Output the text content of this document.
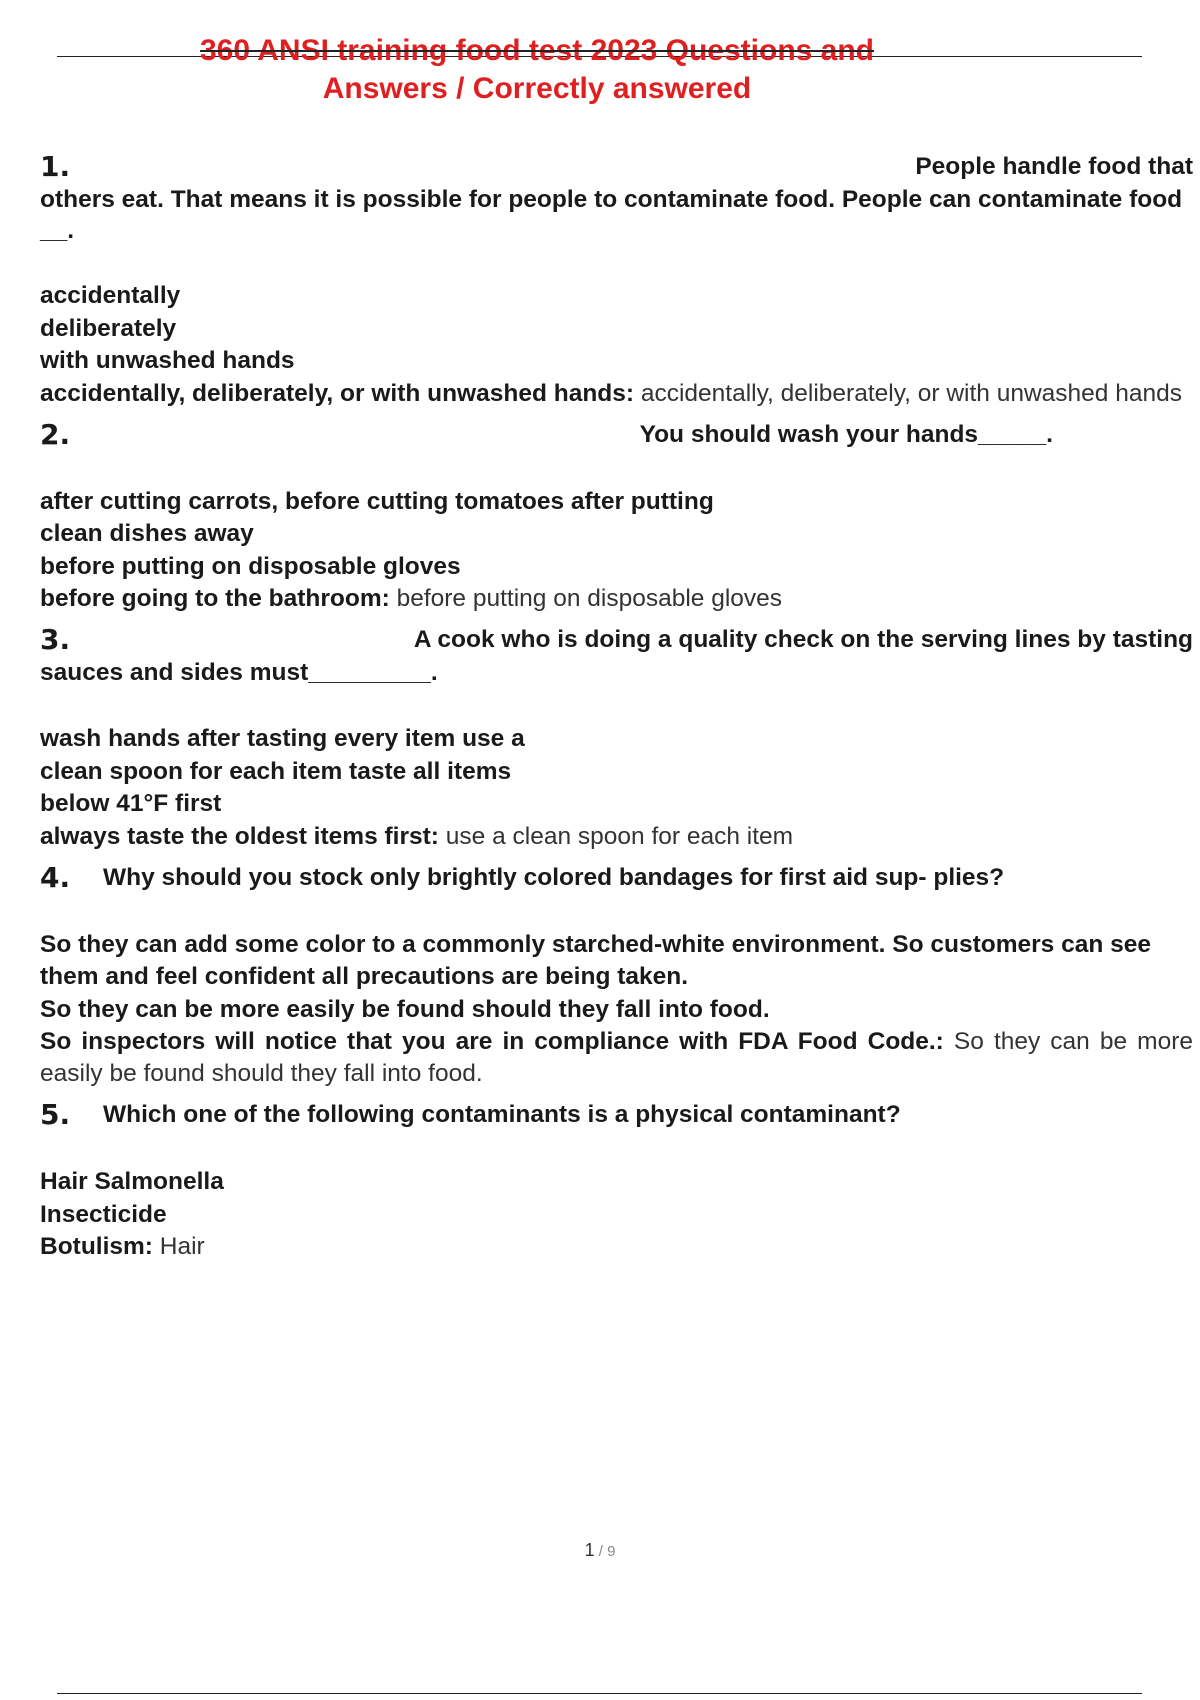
360 ANSI training food test 2023 Questions and
Answers / Correctly answered
1.	People handle food that
others eat. That means it is possible for people to contaminate food. People can contaminate food
__.
accidentally
deliberately
with unwashed hands
accidentally, deliberately, or with unwashed hands: accidentally, deliberately, or with unwashed hands
2.	You should wash your hands_____.
after cutting carrots, before cutting tomatoes after putting
clean dishes away
before putting on disposable gloves
before going to the bathroom: before putting on disposable gloves
3.	A cook who is doing a quality check on the serving lines by tasting
sauces and sides must_________.
wash hands after tasting every item use a
clean spoon for each item taste all items
below 41°F first
always taste the oldest items first: use a clean spoon for each item
4.	Why should you stock only brightly colored bandages for first aid sup- plies?
So they can add some color to a commonly starched-white environment. So customers can see
them and feel confident all precautions are being taken.
So they can be more easily be found should they fall into food.
So inspectors will notice that you are in compliance with FDA Food Code.: So they can be more easily be found should they fall into food.
5.	Which one of the following contaminants is a physical contaminant?
Hair Salmonella
Insecticide
Botulism: Hair
1 / 9
